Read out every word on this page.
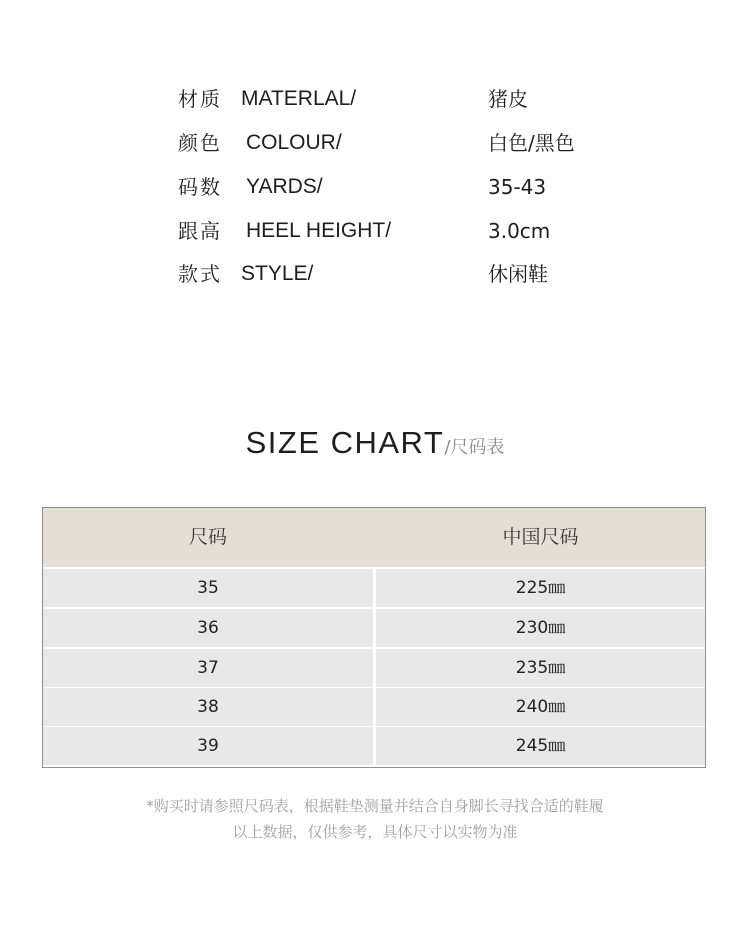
材质 MATERLAL/	猪皮
颜色 COLOUR/	白色/黑色
码数 YARDS/	35-43
跟高 HEEL HEIGHT/	3.0cm
款式 STYLE/	休闲鞋
SIZE CHART/尺码表
尺码	中国尺码
35	225㎜
36	230㎜
37	235㎜
38	240㎜
39	245㎜
*购买时请参照尺码表，根据鞋垫测量并结合自身脚长寻找合适的鞋履
以上数据，仅供参考，具体尺寸以实物为准
